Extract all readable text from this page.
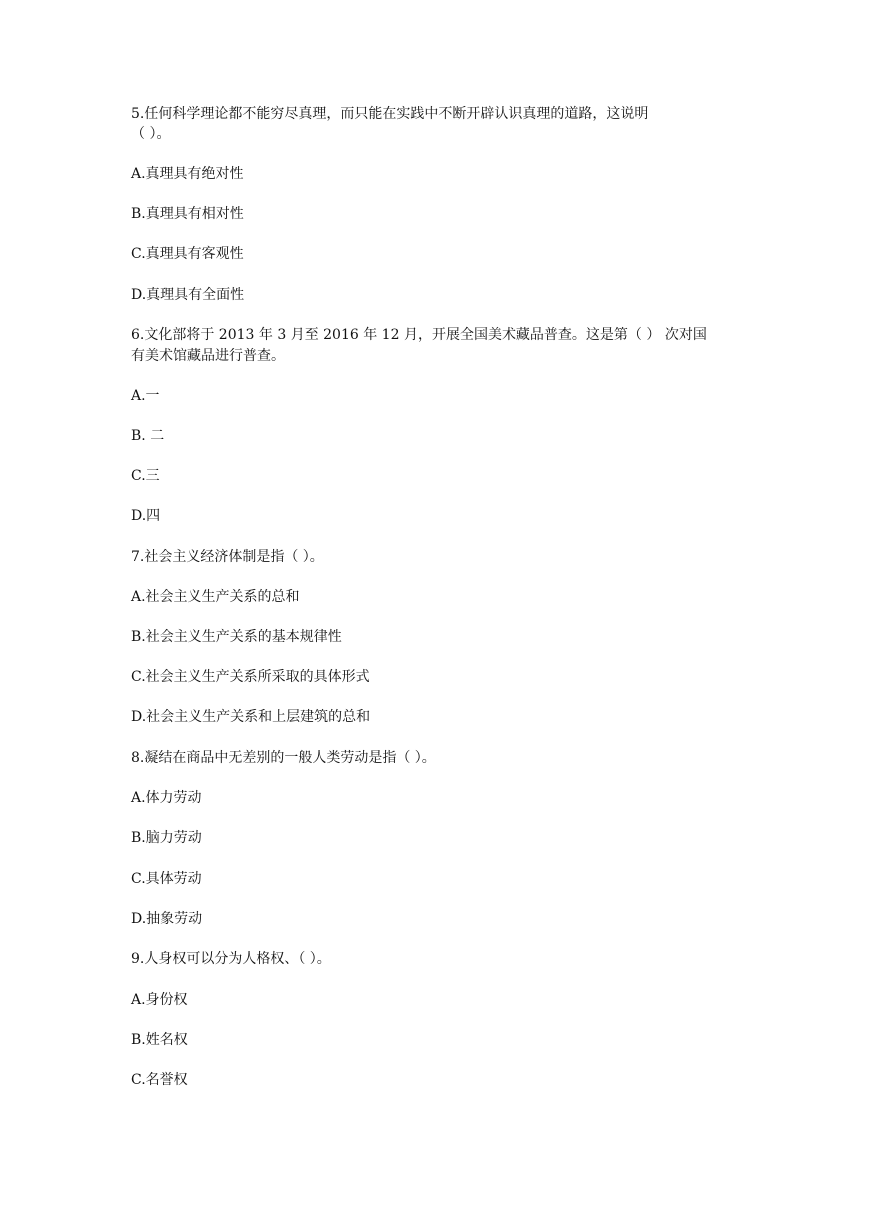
5.任何科学理论都不能穷尽真理，而只能在实践中不断开辟认识真理的道路，这说明
（ ）。
A.真理具有绝对性
B.真理具有相对性
C.真理具有客观性
D.真理具有全面性
6.文化部将于 2013 年 3 月至 2016 年 12 月，开展全国美术藏品普查。这是第（ ） 次对国
有美术馆藏品进行普查。
A.一
B. 二
C.三
D.四
7.社会主义经济体制是指（ ）。
A.社会主义生产关系的总和
B.社会主义生产关系的基本规律性
C.社会主义生产关系所采取的具体形式
D.社会主义生产关系和上层建筑的总和
8.凝结在商品中无差别的一般人类劳动是指（ ）。
A.体力劳动
B.脑力劳动
C.具体劳动
D.抽象劳动
9.人身权可以分为人格权、（ ）。
A.身份权
B.姓名权
C.名誉权
